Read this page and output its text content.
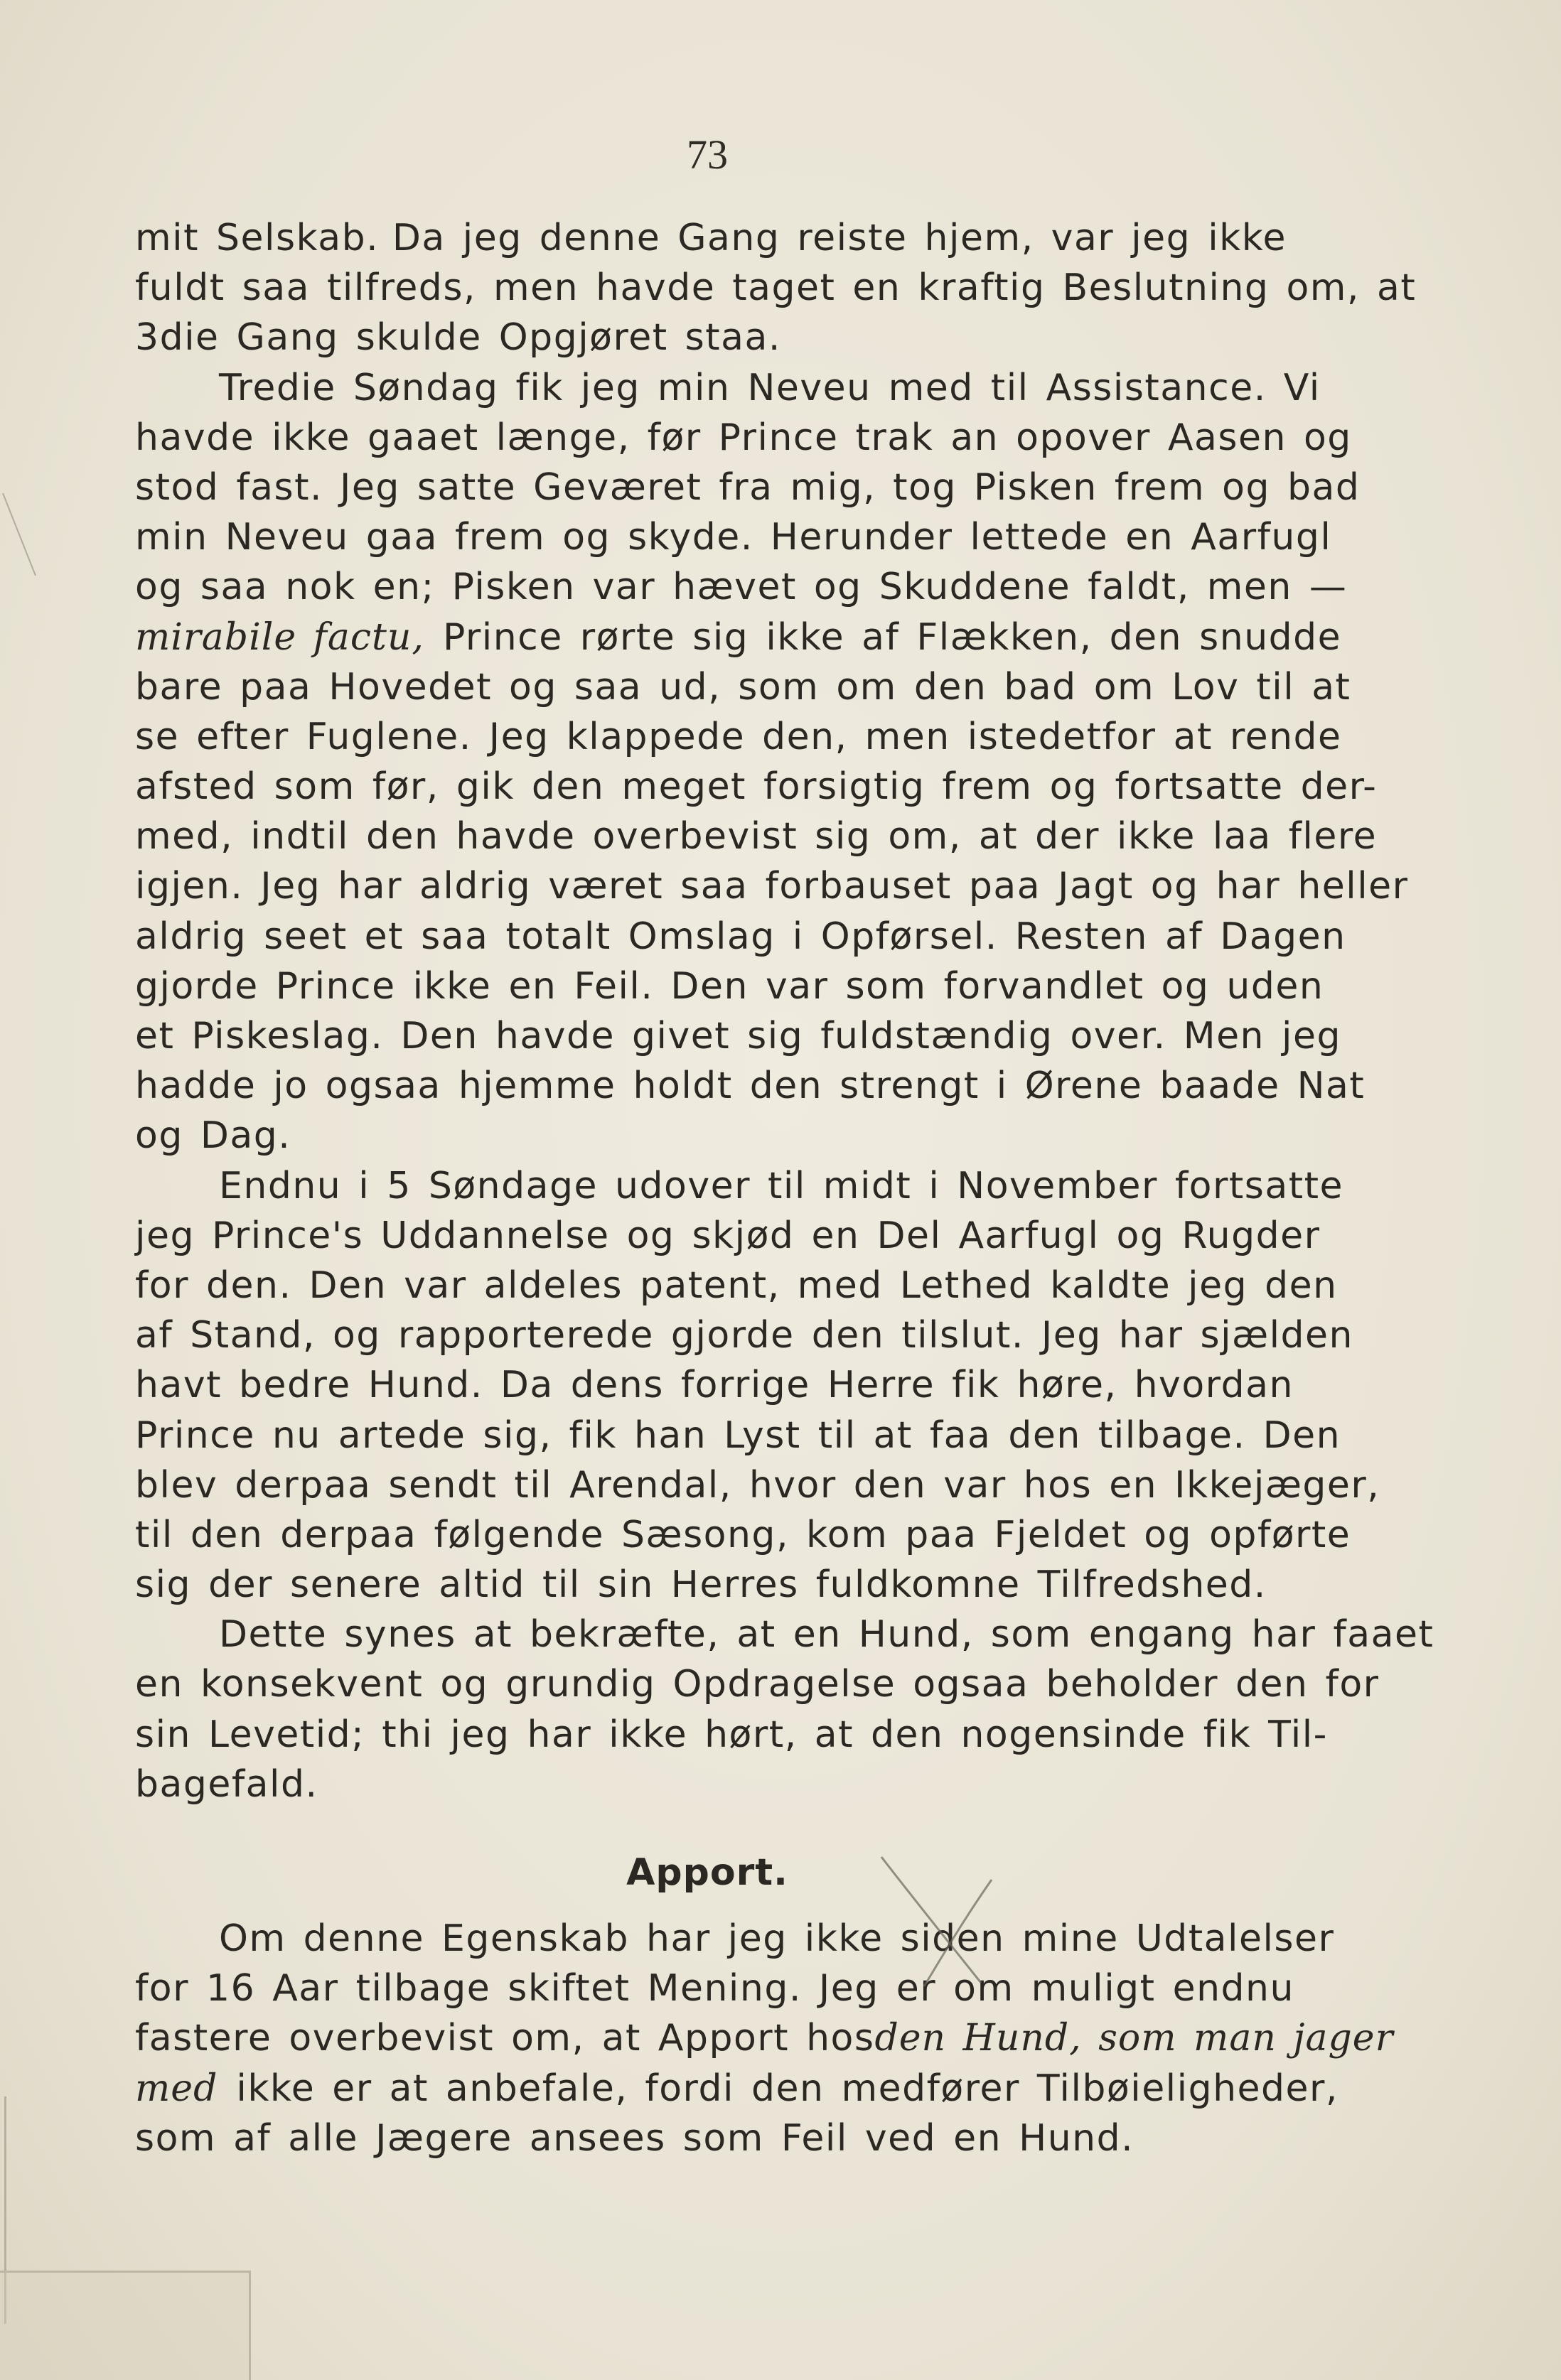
73
mit Selskab. Da jeg denne Gang reiste hjem, var jeg ikke
fuldt saa tilfreds, men havde taget en kraftig Beslutning om, at
3die Gang skulde Opgjøret staa.
Tredie Søndag fik jeg min Neveu med til Assistance. Vi
havde ikke gaaet længe, før Prince trak an opover Aasen og
stod fast. Jeg satte Geværet fra mig, tog Pisken frem og bad
min Neveu gaa frem og skyde. Herunder lettede en Aarfugl
og saa nok en; Pisken var hævet og Skuddene faldt, men —
mirabile factu, Prince rørte sig ikke af Flækken, den snudde
bare paa Hovedet og saa ud, som om den bad om Lov til at
se efter Fuglene. Jeg klappede den, men istedetfor at rende
afsted som før, gik den meget forsigtig frem og fortsatte der-
med, indtil den havde overbevist sig om, at der ikke laa flere
igjen. Jeg har aldrig været saa forbauset paa Jagt og har heller
aldrig seet et saa totalt Omslag i Opførsel. Resten af Dagen
gjorde Prince ikke en Feil. Den var som forvandlet og uden
et Piskeslag. Den havde givet sig fuldstændig over. Men jeg
hadde jo ogsaa hjemme holdt den strengt i Ørene baade Nat
og Dag.
Endnu i 5 Søndage udover til midt i November fortsatte
jeg Prince's Uddannelse og skjød en Del Aarfugl og Rugder
for den. Den var aldeles patent, med Lethed kaldte jeg den
af Stand, og rapporterede gjorde den tilslut. Jeg har sjælden
havt bedre Hund. Da dens forrige Herre fik høre, hvordan
Prince nu artede sig, fik han Lyst til at faa den tilbage. Den
blev derpaa sendt til Arendal, hvor den var hos en Ikkejæger,
til den derpaa følgende Sæsong, kom paa Fjeldet og opførte
sig der senere altid til sin Herres fuldkomne Tilfredshed.
Dette synes at bekræfte, at en Hund, som engang har faaet
en konsekvent og grundig Opdragelse ogsaa beholder den for
sin Levetid; thi jeg har ikke hørt, at den nogensinde fik Til-
bagefald.
Apport.
Om denne Egenskab har jeg ikke siden mine Udtalelser
for 16 Aar tilbage skiftet Mening. Jeg er om muligt endnu
fastere overbevist om, at Apport hos den Hund, som man jager
med ikke er at anbefale, fordi den medfører Tilbøieligheder,
som af alle Jægere ansees som Feil ved en Hund.
